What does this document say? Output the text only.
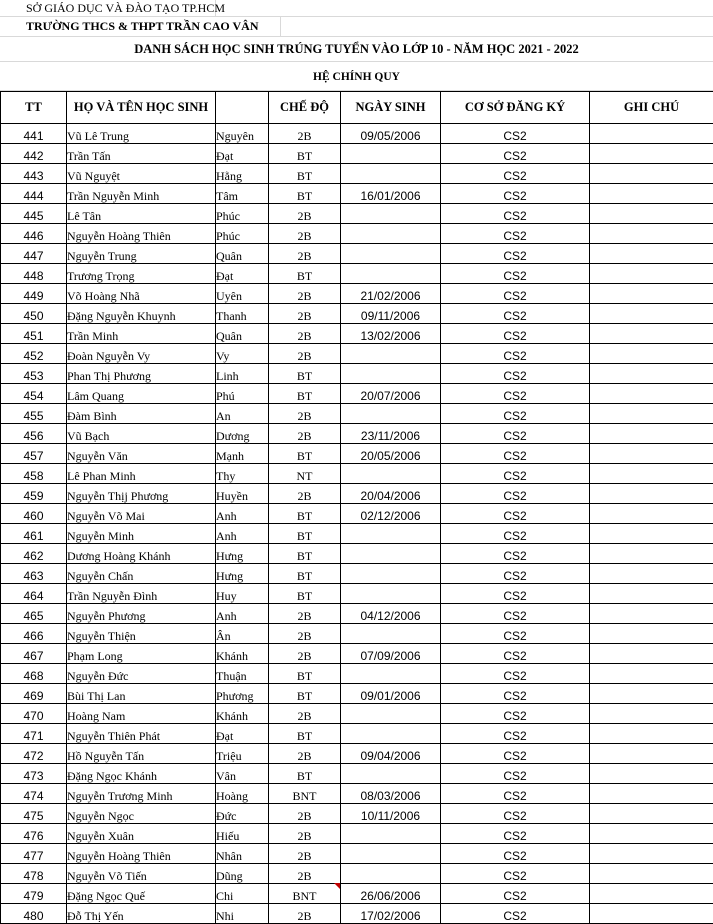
SỞ GIÁO DỤC VÀ ĐÀO TẠO TP.HCM
TRƯỜNG THCS & THPT TRẦN CAO VÂN
DANH SÁCH HỌC SINH TRÚNG TUYỂN VÀO LỚP 10 - NĂM HỌC 2021 - 2022
HỆ CHÍNH QUY
TT	HỌ VÀ TÊN HỌC SINH		CHẾ ĐỘ	NGÀY SINH	CƠ SỞ ĐĂNG KÝ	GHI CHÚ
441	Vũ Lê Trung	Nguyên	2B	09/05/2006	CS2	
442	Trần Tấn	Đạt	BT		CS2	
443	Vũ Nguyệt	Hằng	BT		CS2	
444	Trần Nguyễn Minh	Tâm	BT	16/01/2006	CS2	
445	Lê Tân	Phúc	2B		CS2	
446	Nguyễn Hoàng Thiên	Phúc	2B		CS2	
447	Nguyễn Trung	Quân	2B		CS2	
448	Trương Trọng	Đạt	BT		CS2	
449	Võ Hoàng Nhã	Uyên	2B	21/02/2006	CS2	
450	Đặng Nguyễn Khuynh	Thanh	2B	09/11/2006	CS2	
451	Trần Minh	Quân	2B	13/02/2006	CS2	
452	Đoàn Nguyễn Vy	Vy	2B		CS2	
453	Phan Thị Phương	Linh	BT		CS2	
454	Lâm Quang	Phú	BT	20/07/2006	CS2	
455	Đàm Bình	An	2B		CS2	
456	Vũ Bạch	Dương	2B	23/11/2006	CS2	
457	Nguyễn Văn	Mạnh	BT	20/05/2006	CS2	
458	Lê Phan Minh	Thy	NT		CS2	
459	Nguyễn Thịj Phương	Huyền	2B	20/04/2006	CS2	
460	Nguyễn Võ Mai	Anh	BT	02/12/2006	CS2	
461	Nguyễn Minh	Anh	BT		CS2	
462	Dương Hoàng Khánh	Hưng	BT		CS2	
463	Nguyễn Chấn	Hưng	BT		CS2	
464	Trần Nguyễn Đình	Huy	BT		CS2	
465	Nguyễn Phương	Anh	2B	04/12/2006	CS2	
466	Nguyễn Thiện	Ân	2B		CS2	
467	Phạm Long	Khánh	2B	07/09/2006	CS2	
468	Nguyễn Đức	Thuận	BT		CS2	
469	Bùi Thị Lan	Phương	BT	09/01/2006	CS2	
470	Hoàng Nam	Khánh	2B		CS2	
471	Nguyễn Thiên Phát	Đạt	BT		CS2	
472	Hồ Nguyễn Tấn	Triệu	2B	09/04/2006	CS2	
473	Đặng Ngọc Khánh	Vân	BT		CS2	
474	Nguyễn Trương Minh	Hoàng	BNT	08/03/2006	CS2	
475	Nguyễn Ngọc	Đức	2B	10/11/2006	CS2	
476	Nguyễn Xuân	Hiếu	2B		CS2	
477	Nguyễn Hoàng Thiên	Nhân	2B		CS2	
478	Nguyễn Võ Tiến	Dũng	2B		CS2	
479	Đặng Ngọc Quế	Chi	BNT	26/06/2006	CS2	
480	Đỗ Thị Yến	Nhi	2B	17/02/2006	CS2	
